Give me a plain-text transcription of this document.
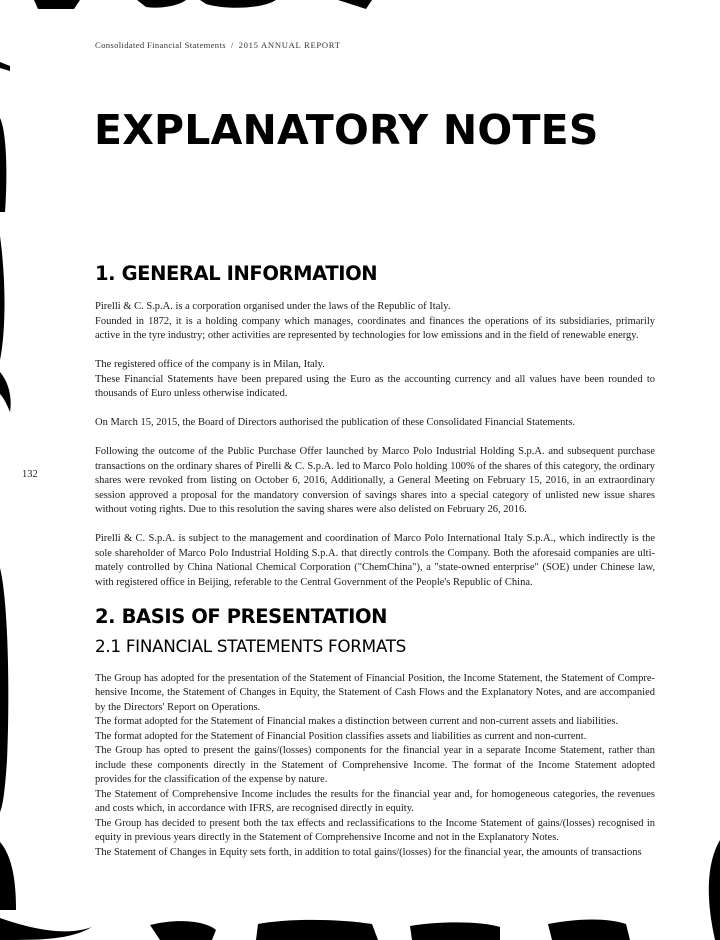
Consolidated Financial Statements / 2015 ANNUAL REPORT
132
EXPLANATORY NOTES
1. GENERAL INFORMATION

Pirelli & C. S.p.A. is a corporation organised under the laws of the Republic of Italy.
Founded in 1872, it is a holding company which manages, coordinates and finances the operations of its subsidiaries, primarily active in the tyre industry; other activities are represented by technologies for low emissions and in the field of renewable energy.

The registered office of the company is in Milan, Italy.
These Financial Statements have been prepared using the Euro as the accounting currency and all values have been rounded to thousands of Euro unless otherwise indicated.

On March 15, 2015, the Board of Directors authorised the publication of these Consolidated Financial Statements.

Following the outcome of the Public Purchase Offer launched by Marco Polo Industrial Holding S.p.A. and subsequent purchase transactions on the ordinary shares of Pirelli & C. S.p.A. led to Marco Polo holding 100% of the shares of this category, the ordinary shares were revoked from listing on October 6, 2016, Additionally, a General Meeting on February 15, 2016, in an extraordinary session approved a proposal for the mandatory conversion of savings shares into a special category of unlisted new issue shares without voting rights. Due to this resolution the saving shares were also delisted on February 26, 2016.

Pirelli & C. S.p.A. is subject to the management and coordination of Marco Polo International Italy S.p.A., which indirectly is the sole shareholder of Marco Polo Industrial Holding S.p.A. that directly controls the Company. Both the aforesaid companies are ulti-mately controlled by China National Chemical Corporation ("ChemChina"), a "state-owned enterprise" (SOE) under Chinese law, with registered office in Beijing, referable to the Central Government of the People's Republic of China.

2. BASIS OF PRESENTATION
2.1 FINANCIAL STATEMENTS FORMATS

The Group has adopted for the presentation of the Statement of Financial Position, the Income Statement, the Statement of Compre-hensive Income, the Statement of Changes in Equity, the Statement of Cash Flows and the Explanatory Notes, and are accompanied by the Directors' Report on Operations.
The format adopted for the Statement of Financial makes a distinction between current and non-current assets and liabilities.
The format adopted for the Statement of Financial Position classifies assets and liabilities as current and non-current.
The Group has opted to present the gains/(losses) components for the financial year in a separate Income Statement, rather than include these components directly in the Statement of Comprehensive Income. The format of the Income Statement adopted provides for the classification of the expense by nature.
The Statement of Comprehensive Income includes the results for the financial year and, for homogeneous categories, the revenues and costs which, in accordance with IFRS, are recognised directly in equity.
The Group has decided to present both the tax effects and reclassifications to the Income Statement of gains/(losses) recognised in equity in previous years directly in the Statement of Comprehensive Income and not in the Explanatory Notes.
The Statement of Changes in Equity sets forth, in addition to total gains/(losses) for the financial year, the amounts of transactions
